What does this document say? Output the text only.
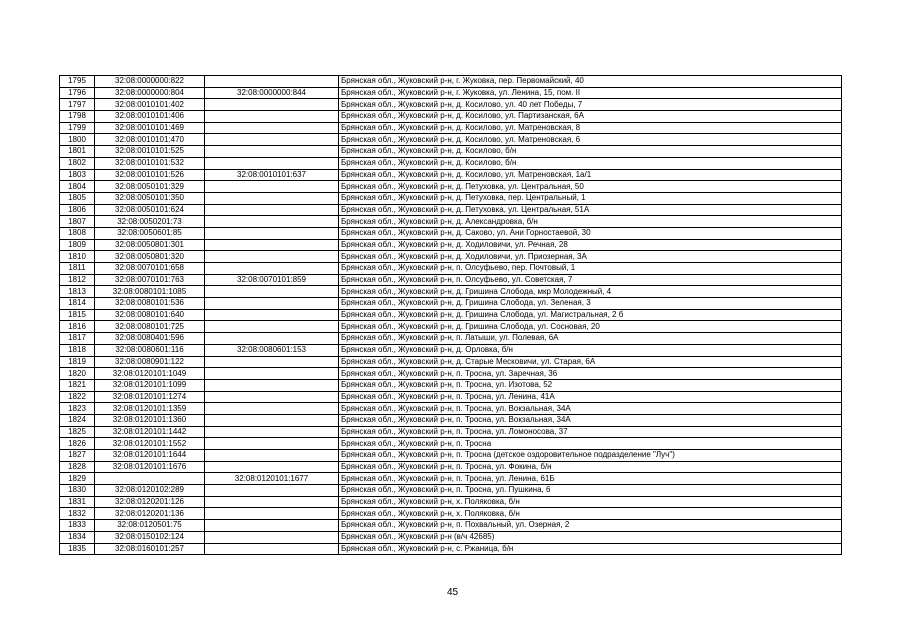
1795	32:08:0000000:822		Брянская обл., Жуковский р-н, г. Жуковка, пер. Первомайский, 40
1796	32:08:0000000:804	32:08:0000000:844	Брянская обл., Жуковский р-н, г. Жуковка, ул. Ленина, 15, пом. II
1797	32:08:0010101:402		Брянская обл., Жуковский р-н, д. Косилово, ул. 40 лет Победы, 7
1798	32:08:0010101:406		Брянская обл., Жуковский р-н, д. Косилово, ул. Партизанская, 6А
1799	32:08:0010101:469		Брянская обл., Жуковский р-н, д. Косилово, ул. Матреновская, 8
1800	32:08:0010101:470		Брянская обл., Жуковский р-н, д. Косилово, ул. Матреновская, 6
1801	32:08:0010101:525		Брянская обл., Жуковский р-н, д. Косилово, б/н
1802	32:08:0010101:532		Брянская обл., Жуковский р-н, д. Косилово, б/н
1803	32:08:0010101:526	32:08:0010101:637	Брянская обл., Жуковский р-н, д. Косилово, ул. Матреновская, 1а/1
1804	32:08:0050101:329		Брянская обл., Жуковский р-н, д. Петуховка, ул. Центральная, 50
1805	32:08:0050101:350		Брянская обл., Жуковский р-н, д. Петуховка, пер. Центральный, 1
1806	32:08:0050101:624		Брянская обл., Жуковский р-н, д. Петуховка, ул. Центральная, 51А
1807	32:08:0050201:73		Брянская обл., Жуковский р-н, д. Александровка, б/н
1808	32:08:0050601:85		Брянская обл., Жуковский р-н, д. Саково, ул. Ани Горностаевой, 30
1809	32:08:0050801:301		Брянская обл., Жуковский р-н, д. Ходиловичи, ул. Речная, 28
1810	32:08:0050801:320		Брянская обл., Жуковский р-н, д. Ходиловичи, ул. Приозерная, 3А
1811	32:08:0070101:658		Брянская обл., Жуковский р-н, п. Олсуфьево, пер. Почтовый, 1
1812	32:08:0070101:763	32:08:0070101:859	Брянская обл., Жуковский р-н, п. Олсуфьево, ул. Советская, 7
1813	32:08:0080101:1085		Брянская обл., Жуковский р-н, д. Гришина Слобода, мкр Молодежный, 4
1814	32:08:0080101:536		Брянская обл., Жуковский р-н, д. Гришина Слобода, ул. Зеленая, 3
1815	32:08:0080101:640		Брянская обл., Жуковский р-н, д. Гришина Слобода, ул. Магистральная, 2 б
1816	32:08:0080101:725		Брянская обл., Жуковский р-н, д. Гришина Слобода, ул. Сосновая, 20
1817	32:08:0080401:596		Брянская обл., Жуковский р-н, п. Латыши, ул. Полевая, 6А
1818	32:08:0080601:116	32:08:0080601:153	Брянская обл., Жуковский р-н, д. Орловка, б/н
1819	32:08:0080901:122		Брянская обл., Жуковский р-н, д. Старые Месковичи, ул. Старая, 6А
1820	32:08:0120101:1049		Брянская обл., Жуковский р-н, п. Тросна, ул. Заречная, 36
1821	32:08:0120101:1099		Брянская обл., Жуковский р-н, п. Тросна, ул. Изотова, 52
1822	32:08:0120101:1274		Брянская обл., Жуковский р-н, п. Тросна, ул. Ленина, 41А
1823	32:08:0120101:1359		Брянская обл., Жуковский р-н, п. Тросна, ул. Вокзальная, 34А
1824	32:08:0120101:1360		Брянская обл., Жуковский р-н, п. Тросна, ул. Вокзальная, 34А
1825	32:08:0120101:1442		Брянская обл., Жуковский р-н, п. Тросна, ул. Ломоносова, 37
1826	32:08:0120101:1552		Брянская обл., Жуковский р-н, п. Тросна
1827	32:08:0120101:1644		Брянская обл., Жуковский р-н, п. Тросна (детское оздоровительное подразделение "Луч")
1828	32:08:0120101:1676		Брянская обл., Жуковский р-н, п. Тросна, ул. Фокина, б/н
1829		32:08:0120101:1677	Брянская обл., Жуковский р-н, п. Тросна, ул. Ленина, 61Б
1830	32:08:0120102:289		Брянская обл., Жуковский р-н, п. Тросна, ул. Пушкина, 6
1831	32:08:0120201:126		Брянская обл., Жуковский р-н, х. Поляковка, б/н
1832	32:08:0120201:136		Брянская обл., Жуковский р-н, х. Поляковка, б/н
1833	32:08:0120501:75		Брянская обл., Жуковский р-н, п. Похвальный, ул. Озерная, 2
1834	32:08:0150102:124		Брянская обл., Жуковский р-н (в/ч 42685)
1835	32:08:0160101:257		Брянская обл., Жуковский р-н, с. Ржаница, б/н
45
